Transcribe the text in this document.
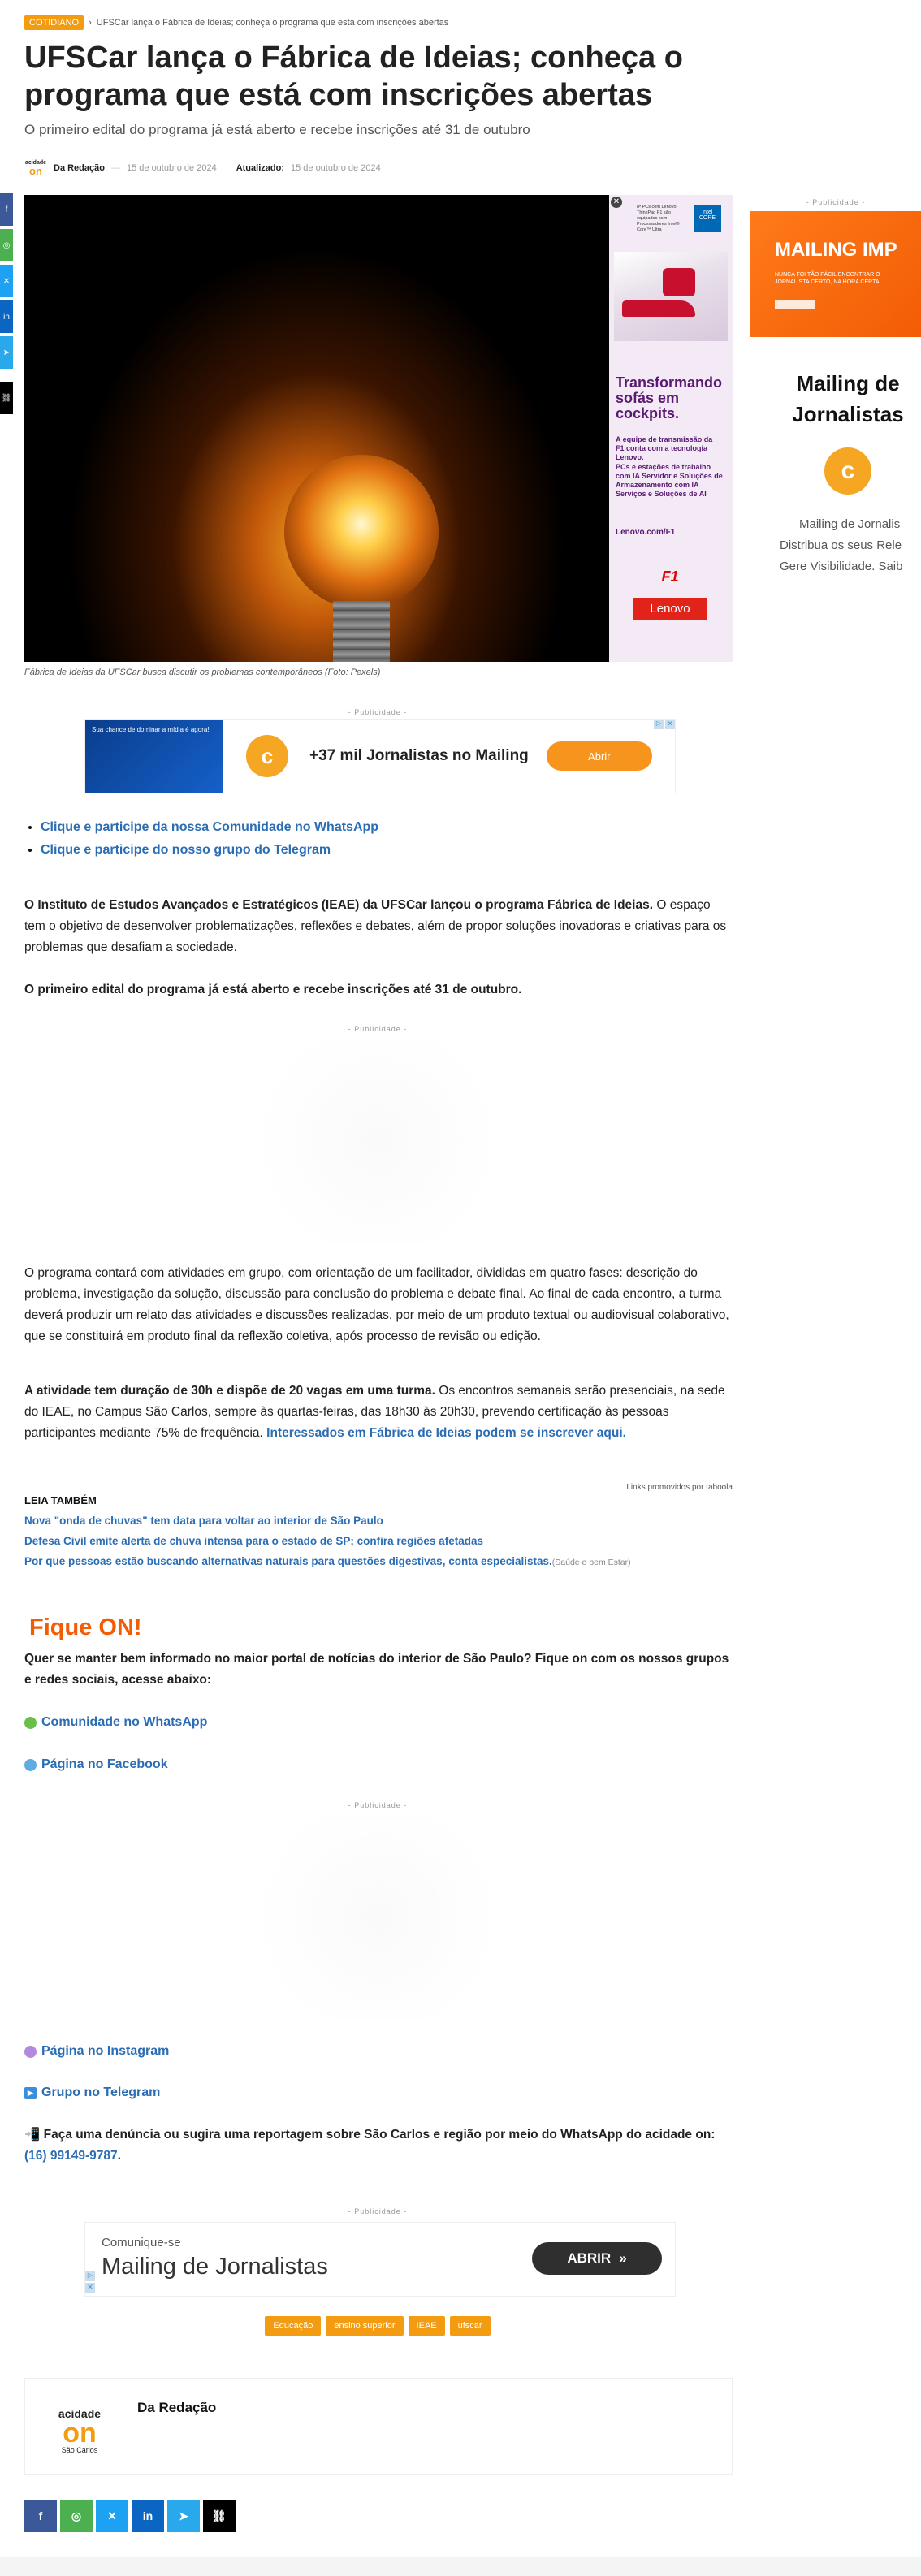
COTIDIANO	› UFSCar lança o Fábrica de Ideias; conheça o programa que está com inscrições abertas
UFSCar lança o Fábrica de Ideias; conheça o programa que está com inscrições abertas
O primeiro edital do programa já está aberto e recebe inscrições até 31 de outubro
acidade
on Da Redação — 15 de outubro de 2024 Atualizado: 15 de outubro de 2024
f
◎
✕
in
➤
⛓
✕
8ª PCs com Lenovo ThinkPad P1 são equipadas com Processadores Intel® Core™ Ultra
intel CORE
Transformando sofás em cockpits.
A equipe de transmissão da F1 conta com a tecnologia Lenovo.
PCs e estações de trabalho com IA Servidor e Soluções de Armazenamento com IA Serviços e Soluções de AI
Lenovo.com/F1
F1
Lenovo
Fábrica de Ideias da UFSCar busca discutir os problemas contemporâneos (Foto: Pexels)
- Publicidade -
MAILING IMP
NUNCA FOI TÃO FÁCIL ENCONTRAR O JORNALISTA CERTO, NA HORA CERTA
Mailing de Jornalistas
c
Mailing de Jornalis
Distribua os seus Rele
Gere Visibilidade. Saib
- Publicidade -
Sua chance de dominar a mídia é agora!
c	+37 mil Jornalistas no Mailing	Abrir
▷ ✕
• Clique e participe da nossa Comunidade no WhatsApp
• Clique e participe do nosso grupo do Telegram
O Instituto de Estudos Avançados e Estratégicos (IEAE) da UFSCar lançou o programa Fábrica de Ideias. O espaço tem o objetivo de desenvolver problematizações, reflexões e debates, além de propor soluções inovadoras e criativas para os problemas que desafiam a sociedade.
O primeiro edital do programa já está aberto e recebe inscrições até 31 de outubro.
- Publicidade -
O programa contará com atividades em grupo, com orientação de um facilitador, divididas em quatro fases: descrição do problema, investigação da solução, discussão para conclusão do problema e debate final. Ao final de cada encontro, a turma deverá produzir um relato das atividades e discussões realizadas, por meio de um produto textual ou audiovisual colaborativo, que se constituirá em produto final da reflexão coletiva, após processo de revisão ou edição.
A atividade tem duração de 30h e dispõe de 20 vagas em uma turma. Os encontros semanais serão presenciais, na sede do IEAE, no Campus São Carlos, sempre às quartas-feiras, das 18h30 às 20h30, prevendo certificação às pessoas participantes mediante 75% de frequência. Interessados em Fábrica de Ideias podem se inscrever aqui.
Links promovidos por taboola
LEIA TAMBÉM
Nova "onda de chuvas" tem data para voltar ao interior de São Paulo
Defesa Civil emite alerta de chuva intensa para o estado de SP; confira regiões afetadas
Por que pessoas estão buscando alternativas naturais para questões digestivas, conta especialistas.(Saúde e bem Estar)
Fique ON!
Quer se manter bem informado no maior portal de notícias do interior de São Paulo? Fique on com os nossos grupos e redes sociais, acesse abaixo:
Comunidade no WhatsApp
Página no Facebook
- Publicidade -
Página no Instagram
▶ Grupo no Telegram
📲 Faça uma denúncia ou sugira uma reportagem sobre São Carlos e região por meio do WhatsApp do acidade on:
(16) 99149-9787.
- Publicidade -
Comunique-se
Mailing de Jornalistas	ABRIR »
▷
✕
Educação	ensino superior	IEAE	ufscar
acidade
on
São Carlos
Da Redação
f	◎	✕	in	➤	⛓
